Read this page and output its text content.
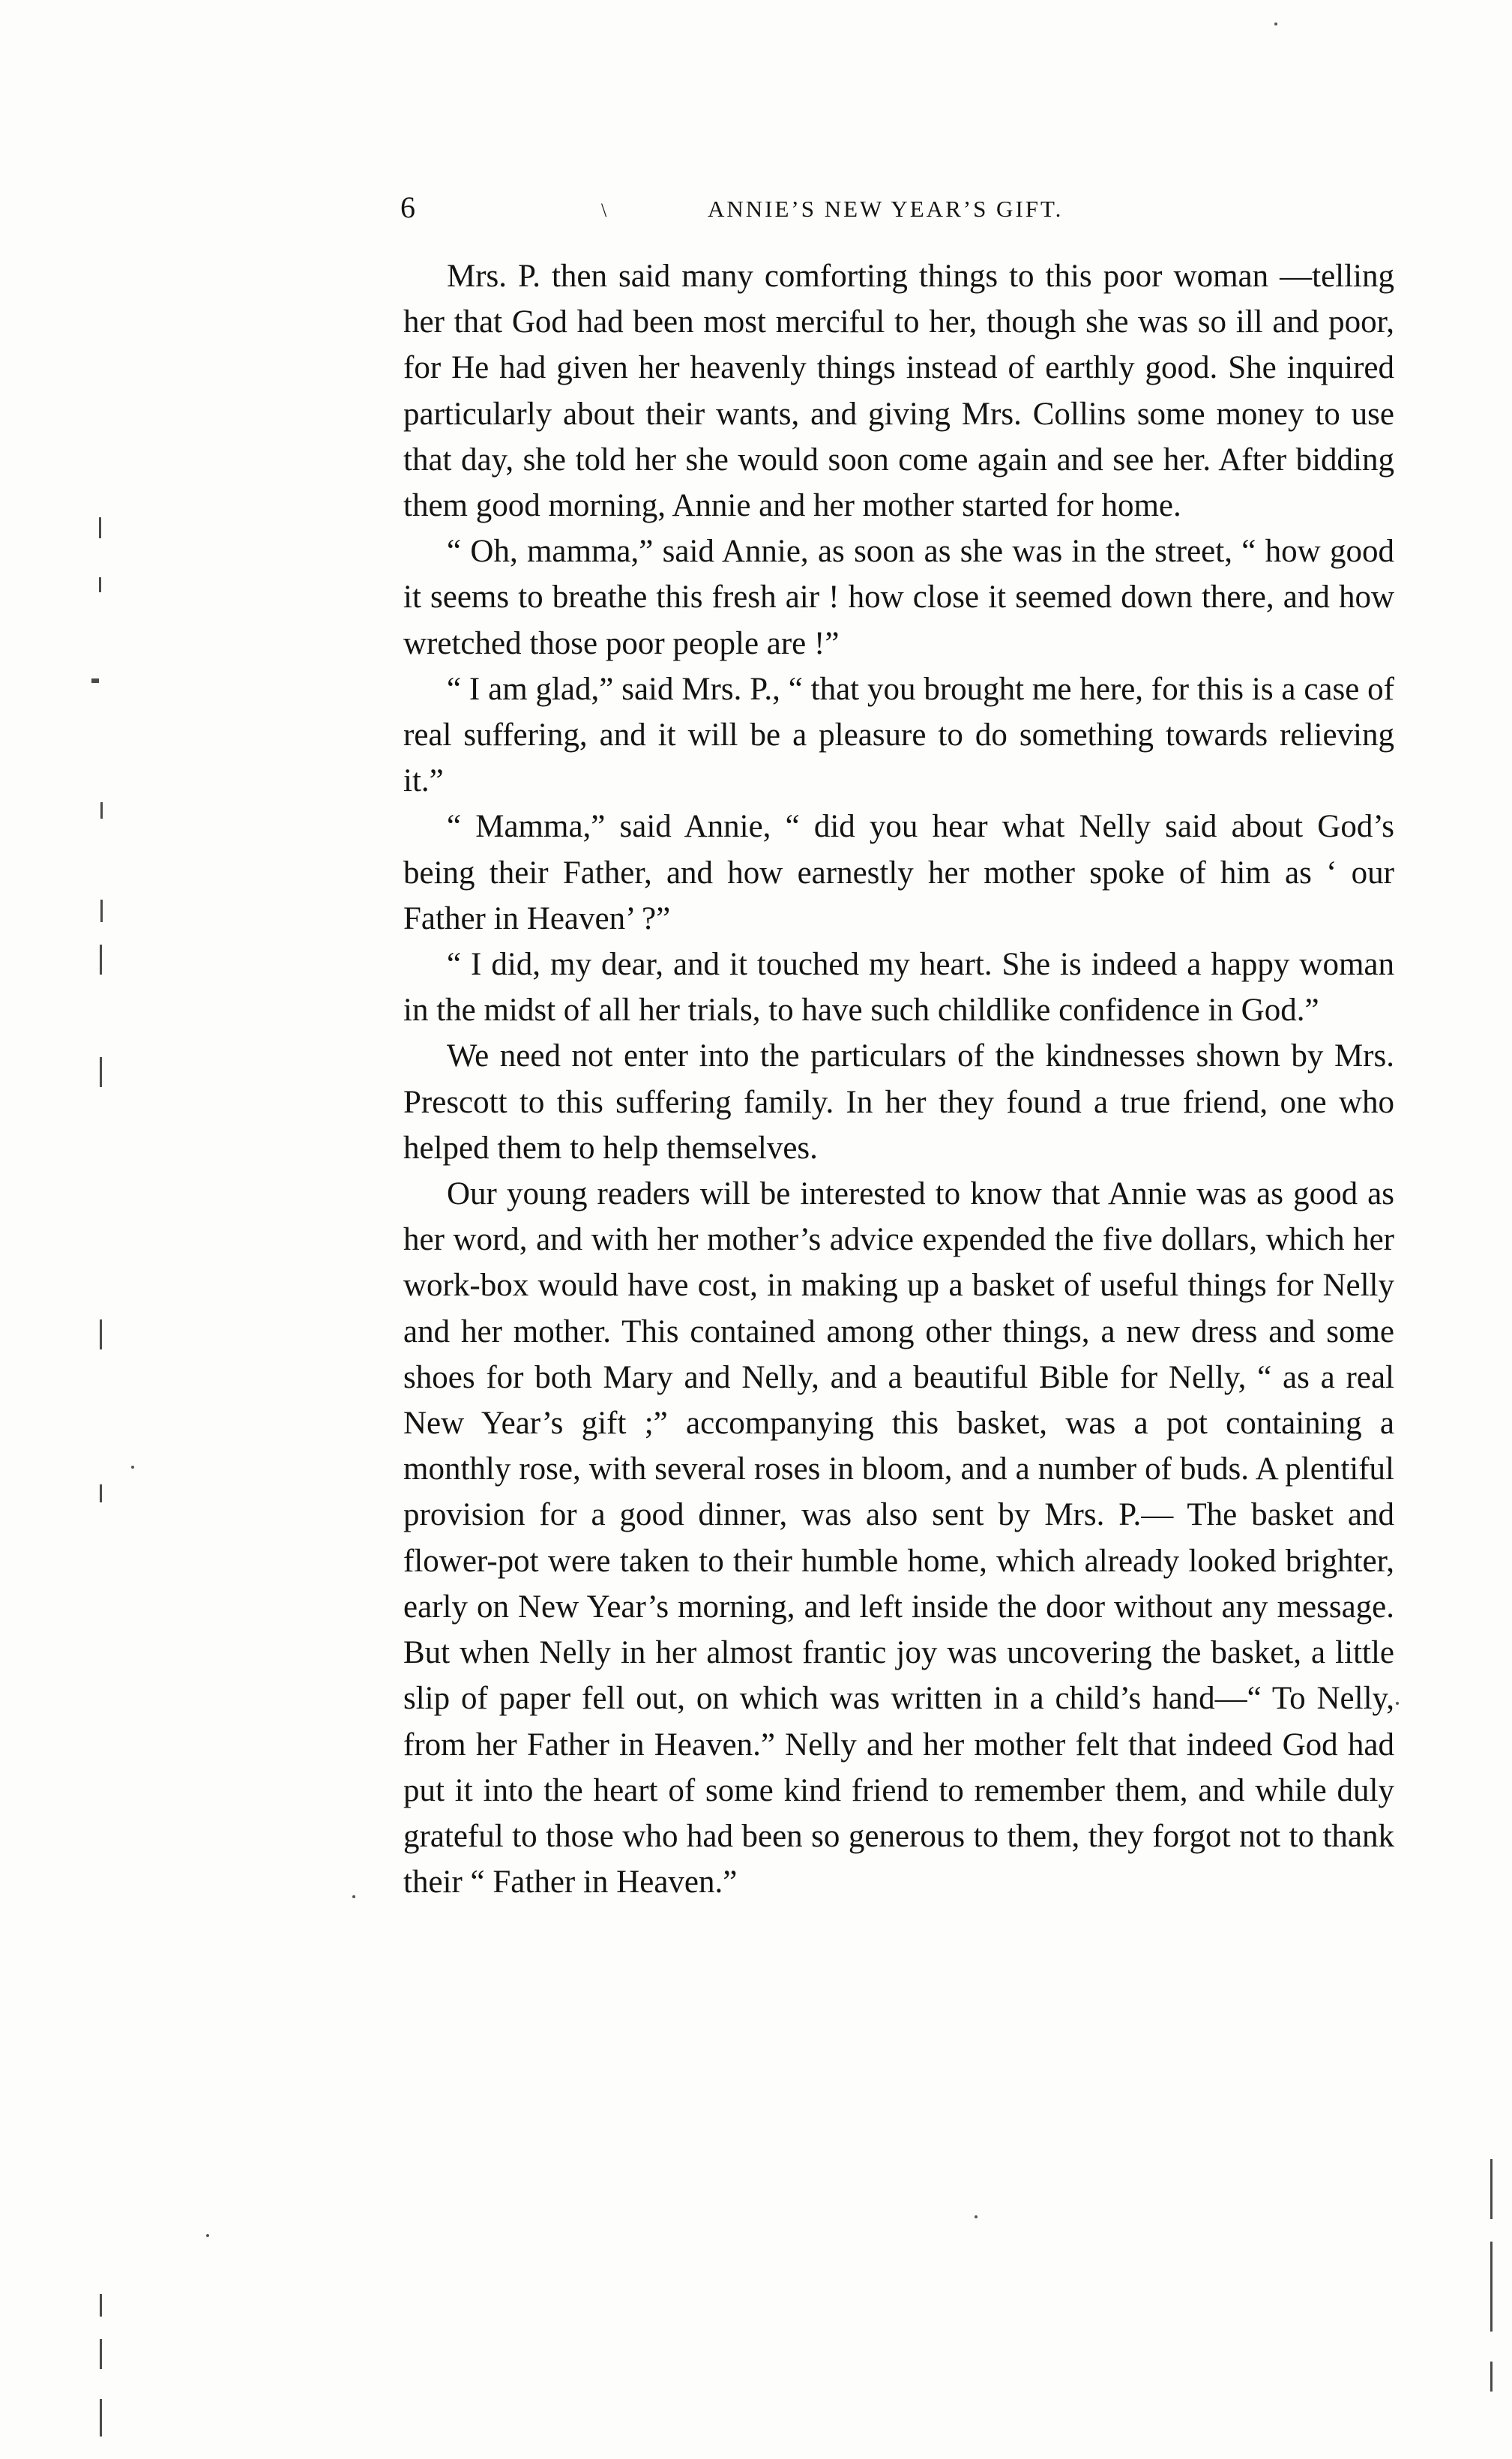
6	\	ANNIE’S NEW YEAR’S GIFT.

Mrs. P. then said many comforting things to this poor woman —telling her that God had been most merciful to her, though she was so ill and poor, for He had given her heavenly things instead of earthly good. She inquired particularly about their wants, and giving Mrs. Collins some money to use that day, she told her she would soon come again and see her. After bidding them good morning, Annie and her mother started for home.

“ Oh, mamma,” said Annie, as soon as she was in the street, “ how good it seems to breathe this fresh air ! how close it seemed down there, and how wretched those poor people are !”

“ I am glad,” said Mrs. P., “ that you brought me here, for this is a case of real suffering, and it will be a pleasure to do something towards relieving it.”

“ Mamma,” said Annie, “ did you hear what Nelly said about God’s being their Father, and how earnestly her mother spoke of him as ‘ our Father in Heaven’ ?”

“ I did, my dear, and it touched my heart. She is indeed a happy woman in the midst of all her trials, to have such childlike confidence in God.”

We need not enter into the particulars of the kindnesses shown by Mrs. Prescott to this suffering family. In her they found a true friend, one who helped them to help themselves.

Our young readers will be interested to know that Annie was as good as her word, and with her mother’s advice expended the five dollars, which her work-box would have cost, in making up a basket of useful things for Nelly and her mother. This contained among other things, a new dress and some shoes for both Mary and Nelly, and a beautiful Bible for Nelly, “ as a real New Year’s gift ;” accompanying this basket, was a pot containing a monthly rose, with several roses in bloom, and a number of buds. A plentiful provision for a good dinner, was also sent by Mrs. P.— The basket and flower-pot were taken to their humble home, which already looked brighter, early on New Year’s morning, and left inside the door without any message. But when Nelly in her almost frantic joy was uncovering the basket, a little slip of paper fell out, on which was written in a child’s hand—“ To Nelly, from her Father in Heaven.” Nelly and her mother felt that indeed God had put it into the heart of some kind friend to remember them, and while duly grateful to those who had been so generous to them, they forgot not to thank their “ Father in Heaven.”
